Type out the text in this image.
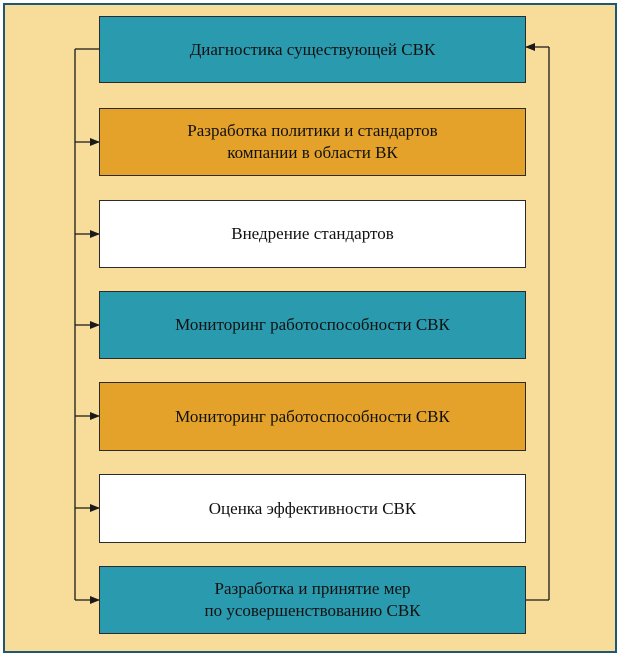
Диагностика существующей СВК
Разработка политики и стандартов
компании в области ВК
Внедрение стандартов
Мониторинг работоспособности СВК
Мониторинг работоспособности СВК
Оценка эффективности СВК
Разработка и принятие мер
по усовершенствованию СВК
